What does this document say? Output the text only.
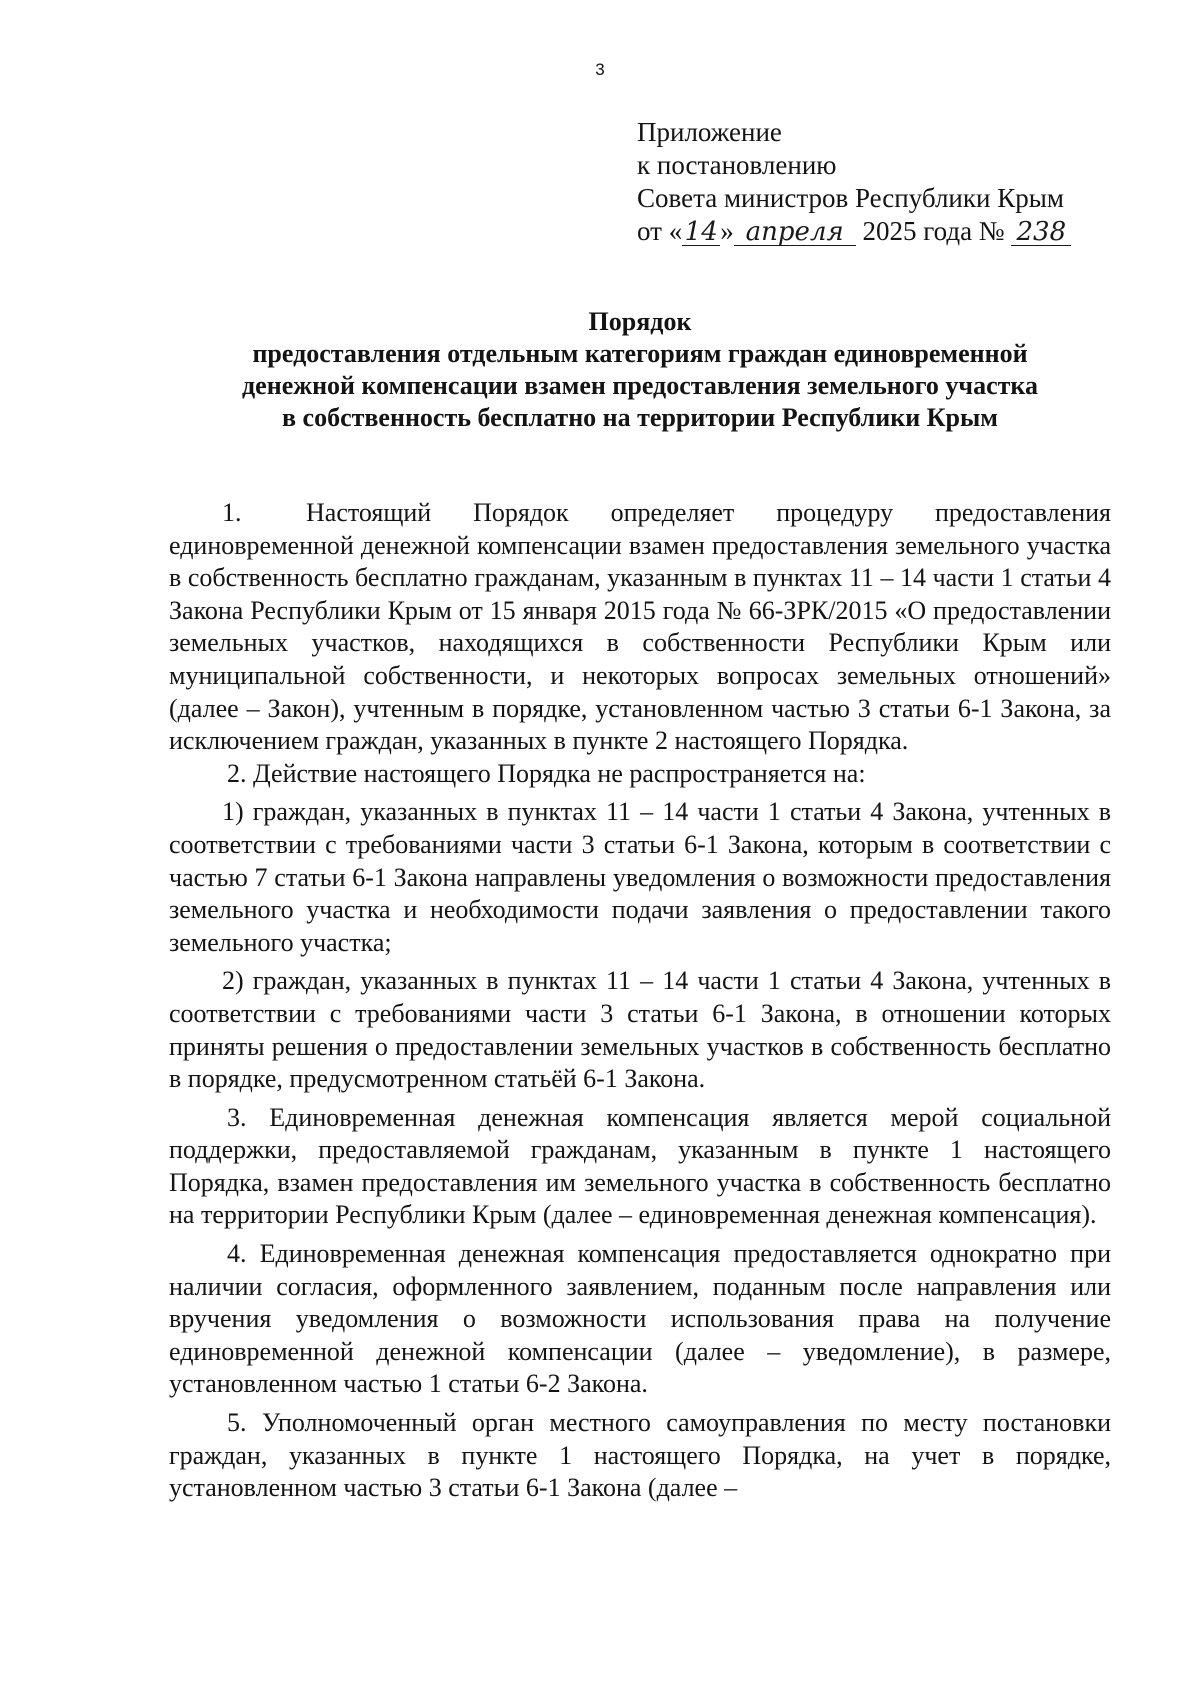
3
Приложение
к постановлению
Совета министров Республики Крым
от «14» апреля 2025 года № 238
Порядок
предоставления отдельным категориям граждан единовременной
денежной компенсации взамен предоставления земельного участка
в собственность бесплатно на территории Республики Крым

1. Настоящий Порядок определяет процедуру предоставления единовременной денежной компенсации взамен предоставления земельного участка в собственность бесплатно гражданам, указанным в пунктах 11 – 14 части 1 статьи 4 Закона Республики Крым от 15 января 2015 года № 66-ЗРК/2015 «О предоставлении земельных участков, находящихся в собственности Республики Крым или муниципальной собственности, и некоторых вопросах земельных отношений» (далее – Закон), учтенным в порядке, установленном частью 3 статьи 6-1 Закона, за исключением граждан, указанных в пункте 2 настоящего Порядка.

2. Действие настоящего Порядка не распространяется на:

1) граждан, указанных в пунктах 11 – 14 части 1 статьи 4 Закона, учтенных в соответствии с требованиями части 3 статьи 6-1 Закона, которым в соответствии с частью 7 статьи 6-1 Закона направлены уведомления о возможности предоставления земельного участка и необходимости подачи заявления о предоставлении такого земельного участка;

2) граждан, указанных в пунктах 11 – 14 части 1 статьи 4 Закона, учтенных в соответствии с требованиями части 3 статьи 6-1 Закона, в отношении которых приняты решения о предоставлении земельных участков в собственность бесплатно в порядке, предусмотренном статьёй 6-1 Закона.

3. Единовременная денежная компенсация является мерой социальной поддержки, предоставляемой гражданам, указанным в пункте 1 настоящего Порядка, взамен предоставления им земельного участка в собственность бесплатно на территории Республики Крым (далее – единовременная денежная компенсация).

4. Единовременная денежная компенсация предоставляется однократно при наличии согласия, оформленного заявлением, поданным после направления или вручения уведомления о возможности использования права на получение единовременной денежной компенсации (далее – уведомление), в размере, установленном частью 1 статьи 6-2 Закона.

5. Уполномоченный орган местного самоуправления по месту постановки граждан, указанных в пункте 1 настоящего Порядка, на учет в порядке, установленном частью 3 статьи 6-1 Закона (далее –
